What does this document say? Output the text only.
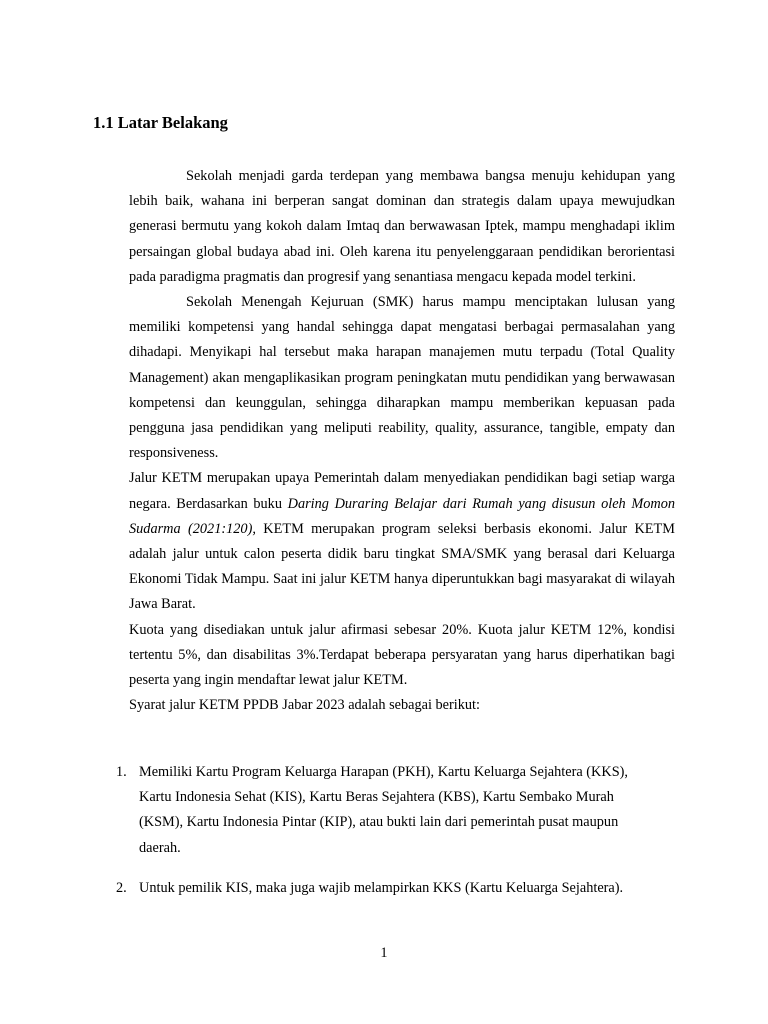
1.1 Latar Belakang

Sekolah menjadi garda terdepan yang membawa bangsa menuju kehidupan yang lebih baik, wahana ini berperan sangat dominan dan strategis dalam upaya mewujudkan generasi bermutu yang kokoh dalam Imtaq dan berwawasan Iptek, mampu menghadapi iklim persaingan global budaya abad ini. Oleh karena itu penyelenggaraan pendidikan berorientasi pada paradigma pragmatis dan progresif yang senantiasa mengacu kepada model terkini.

Sekolah Menengah Kejuruan (SMK) harus mampu menciptakan lulusan yang memiliki kompetensi yang handal sehingga dapat mengatasi berbagai permasalahan yang dihadapi. Menyikapi hal tersebut maka harapan manajemen mutu terpadu (Total Quality Management) akan mengaplikasikan program peningkatan mutu pendidikan yang berwawasan kompetensi dan keunggulan, sehingga diharapkan mampu memberikan kepuasan pada pengguna jasa pendidikan yang meliputi reability, quality, assurance, tangible, empaty dan responsiveness.

Jalur KETM merupakan upaya Pemerintah dalam menyediakan pendidikan bagi setiap warga negara. Berdasarkan buku Daring Duraring Belajar dari Rumah yang disusun oleh Momon Sudarma (2021:120), KETM merupakan program seleksi berbasis ekonomi. Jalur KETM adalah jalur untuk calon peserta didik baru tingkat SMA/SMK yang berasal dari Keluarga Ekonomi Tidak Mampu. Saat ini jalur KETM hanya diperuntukkan bagi masyarakat di wilayah Jawa Barat.

Kuota yang disediakan untuk jalur afirmasi sebesar 20%. Kuota jalur KETM 12%, kondisi tertentu 5%, dan disabilitas 3%.Terdapat beberapa persyaratan yang harus diperhatikan bagi peserta yang ingin mendaftar lewat jalur KETM.

Syarat jalur KETM PPDB Jabar 2023 adalah sebagai berikut:

1. Memiliki Kartu Program Keluarga Harapan (PKH), Kartu Keluarga Sejahtera (KKS), Kartu Indonesia Sehat (KIS), Kartu Beras Sejahtera (KBS), Kartu Sembako Murah (KSM), Kartu Indonesia Pintar (KIP), atau bukti lain dari pemerintah pusat maupun daerah.
2. Untuk pemilik KIS, maka juga wajib melampirkan KKS (Kartu Keluarga Sejahtera).
1
